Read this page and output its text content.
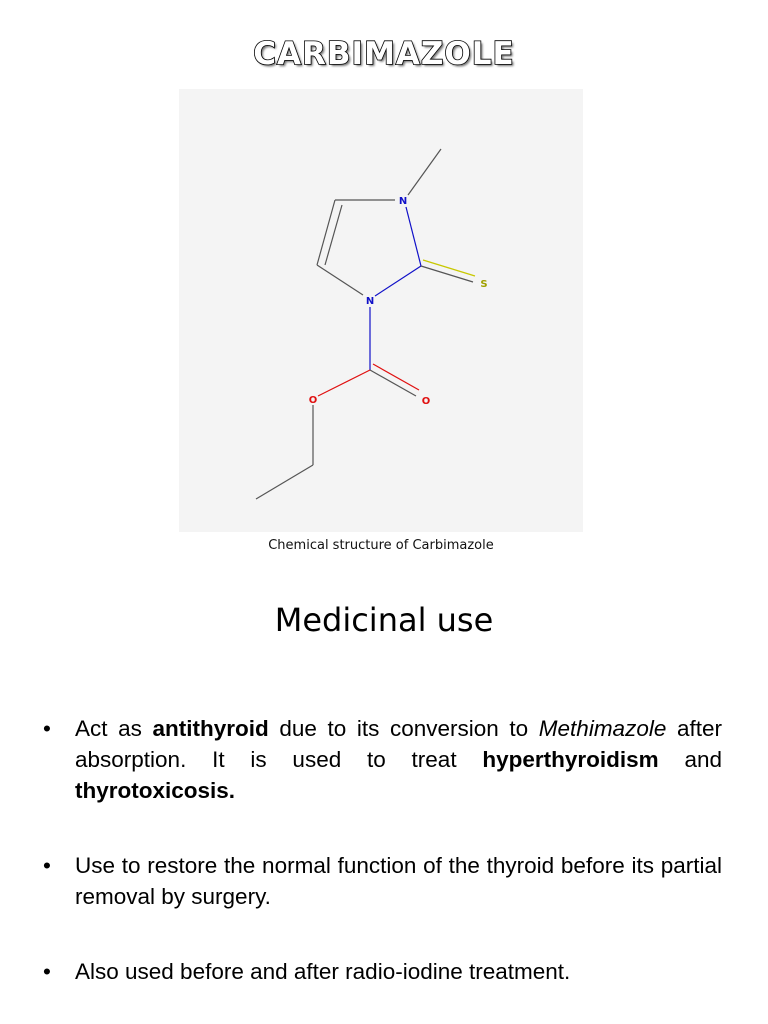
CARBIMAZOLE
N
N
S
O	O
Chemical structure of Carbimazole
Medicinal use
• Act as antithyroid due to its conversion to Methimazole after absorption. It is used to treat hyperthyroidism and thyrotoxicosis.
• Use to restore the normal function of the thyroid before its partial removal by surgery.
• Also used before and after radio-iodine treatment.
